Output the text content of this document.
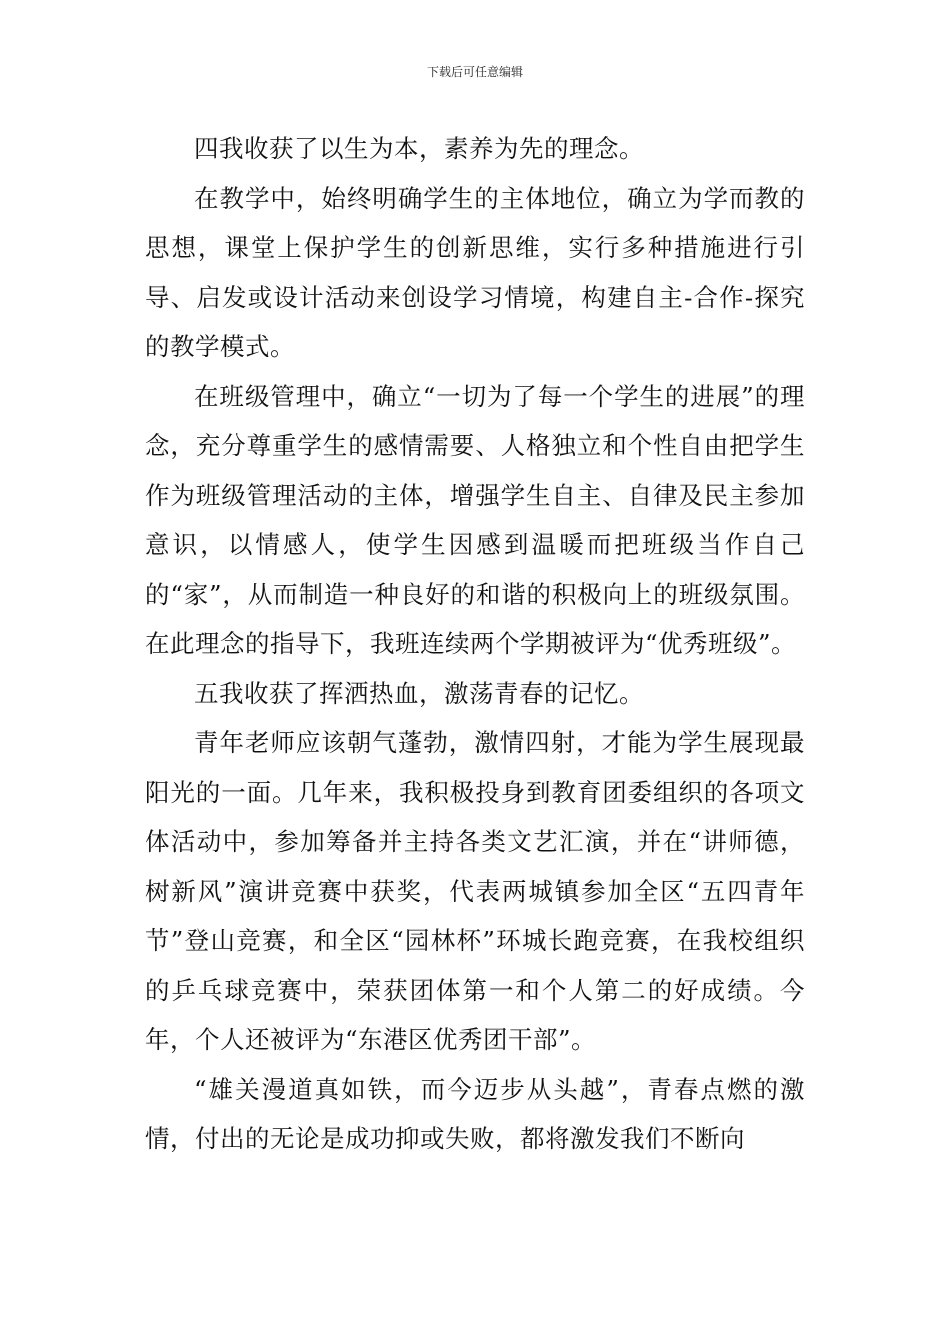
下载后可任意编辑

四我收获了以生为本，素养为先的理念。

在教学中，始终明确学生的主体地位，确立为学而教的思想，课堂上保护学生的创新思维，实行多种措施进行引导、启发或设计活动来创设学习情境，构建自主-合作-探究的教学模式。

在班级管理中，确立“一切为了每一个学生的进展”的理念，充分尊重学生的感情需要、人格独立和个性自由把学生作为班级管理活动的主体，增强学生自主、自律及民主参加意识，以情感人，使学生因感到温暖而把班级当作自己的“家”，从而制造一种良好的和谐的积极向上的班级氛围。在此理念的指导下，我班连续两个学期被评为“优秀班级”。

五我收获了挥洒热血，激荡青春的记忆。

青年老师应该朝气蓬勃，激情四射，才能为学生展现最阳光的一面。几年来，我积极投身到教育团委组织的各项文体活动中，参加筹备并主持各类文艺汇演，并在“讲师德，树新风”演讲竞赛中获奖，代表两城镇参加全区“五四青年节”登山竞赛，和全区“园林杯”环城长跑竞赛，在我校组织的乒乓球竞赛中，荣获团体第一和个人第二的好成绩。今年，个人还被评为“东港区优秀团干部”。

“雄关漫道真如铁，而今迈步从头越”，青春点燃的激情，付出的无论是成功抑或失败，都将激发我们不断向
